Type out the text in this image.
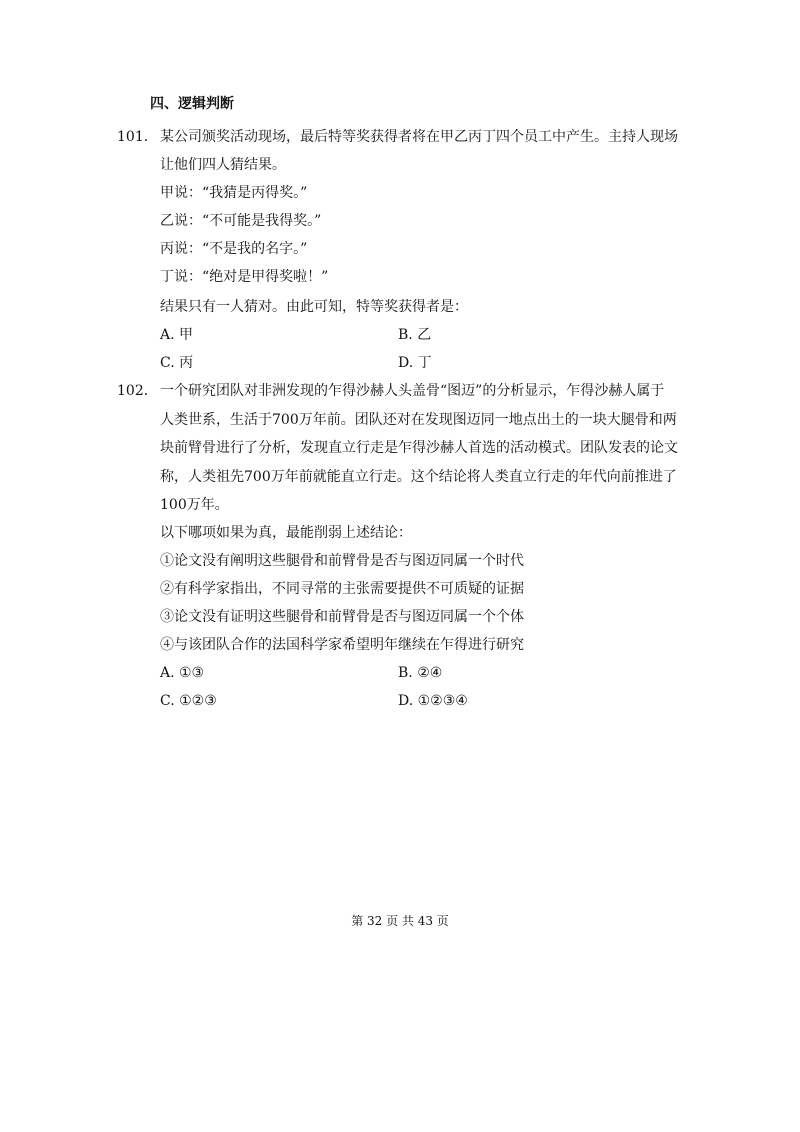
四、逻辑判断
101. 某公司颁奖活动现场，最后特等奖获得者将在甲乙丙丁四个员工中产生。主持人现场
让他们四人猜结果。
甲说：“我猜是丙得奖。”
乙说：“不可能是我得奖。”
丙说：“不是我的名字。”
丁说：“绝对是甲得奖啦！”
结果只有一人猜对。由此可知，特等奖获得者是：
A. 甲	B. 乙
C. 丙	D. 丁
102. 一个研究团队对非洲发现的乍得沙赫人头盖骨“图迈”的分析显示，乍得沙赫人属于
人类世系，生活于700万年前。团队还对在发现图迈同一地点出土的一块大腿骨和两
块前臂骨进行了分析，发现直立行走是乍得沙赫人首选的活动模式。团队发表的论文
称，人类祖先700万年前就能直立行走。这个结论将人类直立行走的年代向前推进了
100万年。
以下哪项如果为真，最能削弱上述结论：
①论文没有阐明这些腿骨和前臂骨是否与图迈同属一个时代
②有科学家指出，不同寻常的主张需要提供不可质疑的证据
③论文没有证明这些腿骨和前臂骨是否与图迈同属一个个体
④与该团队合作的法国科学家希望明年继续在乍得进行研究
A. ①③	B. ②④
C. ①②③	D. ①②③④
第 32 页 共 43 页
